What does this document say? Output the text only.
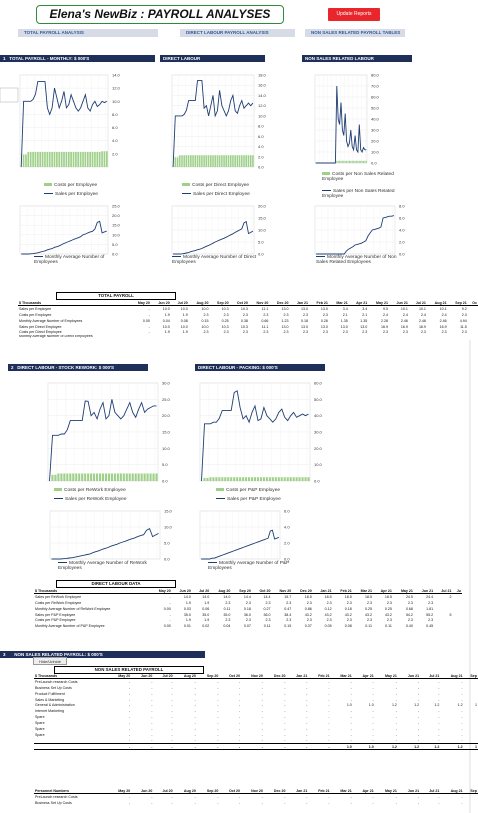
Elena's NewBiz : PAYROLL ANALYSES	Update Reports
TOTAL PAYROLL ANALYSIS	DIRECT LABOUR PAYROLL ANALYSIS	NON SALES RELATED PAYROLL TABLES
1 TOTAL PAYROLL - MONTHLY: $ 000'S	DIRECT LABOUR	NON SALES RELATED LABOUR
14.0
12.0
10.0
8.0
6.0
4.0
2.0
18.0
16.0
14.0
12.0
10.0
8.0
6.0
4.0
2.0
0.0
80.0
70.0
60.0
50.0
40.0
30.0
20.0
10.0
0.0
25.0
20.0
15.0
10.0
5.0
0.0
20.0
15.0
10.0
5.0
0.0
8.0
6.0
4.0
2.0
0.0
30.0
25.0
20.0
15.0
10.0
5.0
0.0
60.0
50.0
40.0
30.0
20.0
10.0
0.0
15.0
10.0
5.0
0.0
6.0
4.0
2.0
0.0
Costs per Employee
Sales per Employee
Costs per Direct Employee
Sales per Direct Employee
Costs per Non Sales Related Employee
Sales per Non Sales Related Employee
Monthly Average Number of Employees
Monthly Average Number of Direct Employees
Monthly Average Number of Non Sales Related Employees
TOTAL PAYROLL
$ Thousands	May 20	Jun 20	Jul 20	Aug 20	Sep 20	Oct 20	Nov 20	Dec 20	Jan 21	Feb 21	Mar 21	Apr 21	May 21	Jun 21	Jul 21	Aug 21	Sep 21	Oc
Sales per Employee	-	10.0	10.0	10.0	10.3	10.3	11.1	13.0	13.0	13.0	3.4	3.4	9.5	10.1	10.1	10.1	9.2	
Costs per Employee	-	1.9	1.9	2.3	2.3	2.3	2.3	2.3	2.3	2.3	2.1	2.1	2.4	2.4	2.4	2.4	2.3	
Monthly Average Number of Employees	0.00	0.04	0.08	0.15	0.25	0.38	0.66	1.23	0.18	0.26	1.35	1.35	2.28	2.46	2.46	2.46	4.94	
Sales per Direct Employee	-	10.0	10.0	10.0	10.3	10.3	11.1	13.0	13.0	13.0	13.0	13.0	16.9	16.9	16.9	16.9	11.5	
Costs per Direct Employee	-	1.9	1.9	2.3	2.3	2.3	2.3	2.3	2.3	2.3	2.3	2.3	2.3	2.3	2.3	2.3	2.3	
Monthly Average Number of Direct Employees																		
2 DIRECT LABOUR - STOCK REWORK: $ 000'S	DIRECT LABOUR - PACKING: $ 000'S
Costs per ReWork Employee
Sales per ReWork Employee
Costs per P&P Employee
Sales per P&P Employee
Monthly Average Number of ReWork Employees
Monthly Average Number of P&P Employees
DIRECT LABOUR DATA
$ Thousands	May 20	Jun 20	Jul 20	Aug 20	Sep 20	Oct 20	Nov 20	Dec 20	Jan 21	Feb 21	Mar 21	Apr 21	May 21	Jun 21	Jul 21	Ju
Sales per ReWork Employee	-	14.0	14.0	14.0	14.4	14.4	15.7	18.5	18.5	18.5	18.5	18.5	24.5	24.4	2	
Costs per ReWork Employee	-	1.9	1.9	2.3	2.3	2.3	2.3	2.3	2.3	2.3	2.3	2.3	2.3	2.3		
Monthly Average Number of ReWork Employee	0.00	0.03	0.06	0.11	0.18	0.27	0.47	0.86	0.12	0.18	0.25	0.25	0.68	1.81		
Sales per P&P Employee	-	35.0	35.0	35.0	36.0	36.0	38.4	43.2	43.2	43.2	43.2	43.2	54.2	55.2	5	
Costs per P&P Employee	-	1.9	1.9	2.3	2.3	2.3	2.3	2.3	2.3	2.3	2.3	2.3	2.3	2.3		
Monthly Average Number of P&P Employee	0.00	0.01	0.02	0.04	0.07	0.11	0.19	0.37	0.05	0.08	0.11	0.11	0.40	0.45		
3 NON SALES RELATED PAYROLL: $ 000'S
Hide/Unhide
NON SALES RELATED PAYROLL
$ Thousands	May 20	Jun 20	Jul 20	Aug 20	Sep 20	Oct 20	Nov 20	Dec 20	Jan 21	Feb 21	Mar 21	Apr 21	May 21	Jun 21	Jul 21	Aug 21	Sep
PreLaunch research Costs	-	-	-	-	-	-	-	-	-	-	-	-	-	-	-	-	
Business Set Up Costs	-	-	-	-	-	-	-	-	-	-	-	-	-	-	-	-	
Product Fulfillment	-	-	-	-	-	-	-	-	-	-	-	-	-	-	-	-	
Sales & Marketing	-	-	-	-	-	-	-	-	-	-	-	-	-	-	-	-	
General & Administration	-	-	-	-	-	-	-	-	-	-	1.0	1.0	1.2	1.2	1.2	1.2	1
Internet Marketing	-	-	-	-	-	-	-	-	-	-	-	-	-	-	-	-	
Spare	-	-	-	-	-	-	-	-	-	-	-	-	-	-	-	-	
Spare	-	-	-	-	-	-	-	-	-	-	-	-	-	-	-	-	
Spare	-	-	-	-	-	-	-	-	-	-	-	-	-	-	-	-	
Spare	-	-	-	-	-	-	-	-	-	-	-	-	-	-	-	-	
	-	-	-	-	-	-	-	-	-	-	-	-	-	-	-	-	
	-	-	-	-	-	-	-	-	-	-	1.0	1.0	1.2	1.2	1.2	1.2	1
Personnel Numbers	May 20	Jun 20	Jul 20	Aug 20	Sep 20	Oct 20	Nov 20	Dec 20	Jan 21	Feb 21	Mar 21	Apr 21	May 21	Jun 21	Jul 21	Aug 21	Sep
PreLaunch research Costs	-	-	-	-	-	-	-	-	-	-	-	-	-	-	-	-	
Business Set Up Costs	-	-	-	-	-	-	-	-	-	-	-	-	-	-	-	-	
